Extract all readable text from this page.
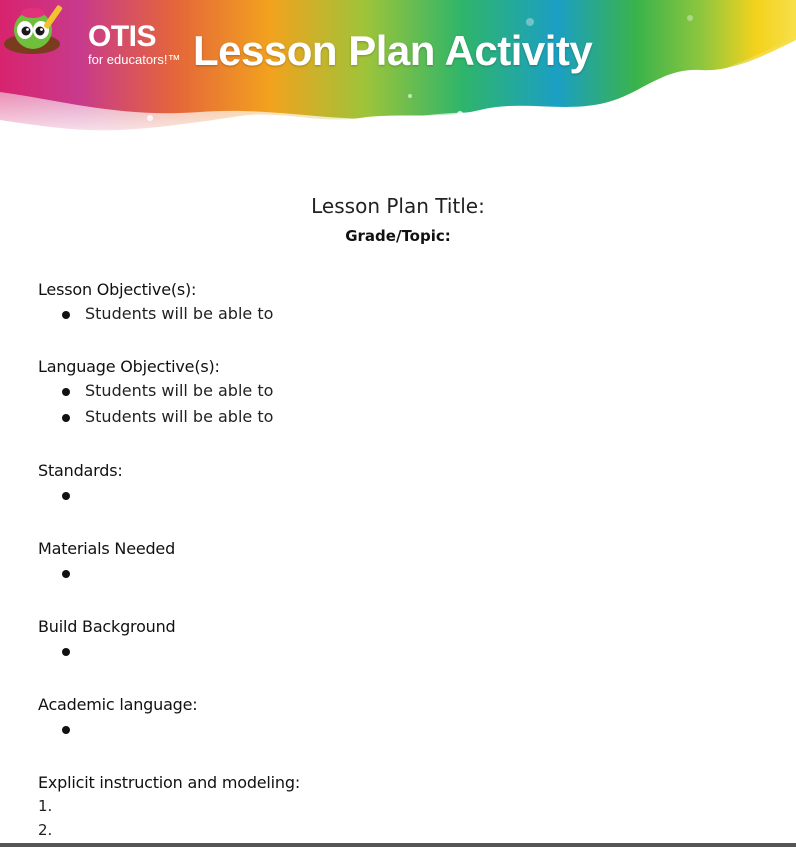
OTIS
for educators!™ Lesson Plan Activity
Lesson Plan Title:
Grade/Topic:
Lesson Objective(s):
Students will be able to
Language Objective(s):
Students will be able to
Students will be able to
Standards:
Materials Needed
Build Background
Academic language:
Explicit instruction and modeling:
1.
2.
